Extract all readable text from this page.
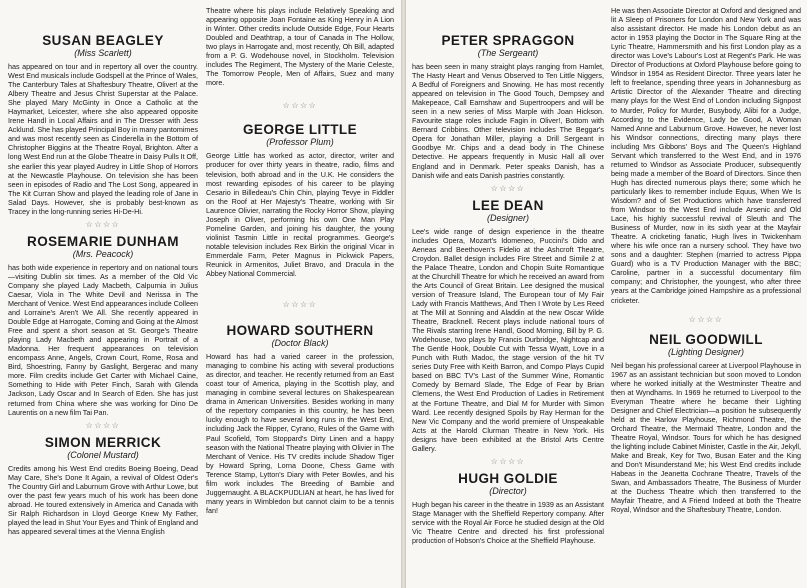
SUSAN BEAGLEY

(Miss Scarlett)

has appeared on tour and in repertory all over the country. West End musicals include Godspell at the Prince of Wales, The Canterbury Tales at Shaftesbury Theatre, Oliver! at the Albery Theatre and Jesus Christ Superstar at the Palace. She played Mary McGinty in Once a Catholic at the Haymarket, Leicester, where she also appeared opposite Irene Handl in Local Affairs and in The Dresser with Jess Acklund. She has played Principal Boy in many pantomimes and was most recently seen as Cinderella in the Bottom of Christopher Biggins at the Theatre Royal, Brighton. After a long West End run at the Globe Theatre in Daisy Pulls It Off, she earlier this year played Audrey in Little Shop of Horrors at the Newcastle Playhouse. On television she has been seen in episodes of Radio and The Lost Song, appeared in The Kit Curran Show and played the leading role of Jane in Salad Days. However, she is probably best-known as Tracey in the long-running series Hi-De-Hi.

☆☆☆☆

ROSEMARIE DUNHAM

(Mrs. Peacock)

has both wide experience in repertory and on national tours—visiting Dublin six times. As a member of the Old Vic Company she played Lady Macbeth, Calpurnia in Julius Caesar, Viola in The White Devil and Nerissa in The Merchant of Venice. West End appearances include Colleen and Lorraine's Aren't We All. She recently appeared in Double Edge at Harrogate, Coming and Going at the Almost Free and spent a short season at St. George's Theatre playing Lady Macbeth and appearing in Portrait of a Madonna. Her frequent appearances on television encompass Anne, Angels, Crown Court, Rome, Rosa and Bird, Shoestring, Fanny by Gaslight, Bergerac and many more. Film credits include Get Carter with Michael Caine, Something to Hide with Peter Finch, Sarah with Glenda Jackson, Lady Oscar and In Search of Eden. She has just returned from China where she was working for Dino De Laurentis on a new film Tai Pan.

☆☆☆☆

SIMON MERRICK

(Colonel Mustard)

Credits among his West End credits Boeing Boeing, Dead May Care, She's Done It Again, a revival of Oldest Oder's The Country Girl and Laburnum Grove with Arthur Lowe, but over the past few years much of his work has been done abroad. He toured extensively in America and Canada with Sir Ralph Richardson in Lloyd George Knew My Father, played the lead in Shut Your Eyes and Think of England and has appeared several times at the Vienna English

Theatre where his plays include Relatively Speaking and appearing opposite Joan Fontaine as King Henry in A Lion in Winter. Other credits include Outside Edge, Four Hearts Doubled and Deathtrap, a tour of Canada in The Hollow, two plays in Harrogate and, most recently, Oh Bill, adapted from a P. G. Wodehouse novel, in Stockholm. Television includes The Regiment, The Mystery of the Marie Celeste, The Tomorrow People, Men of Affairs, Suez and many more.

☆☆☆☆

GEORGE LITTLE

(Professor Plum)

George Little has worked as actor, director, writer and producer for over thirty years in theatre, radio, films and television, both abroad and in the U.K. He considers the most rewarding episodes of his career to be playing Cesario in Billedeau's Chin Chin, playing Tevye in Fiddler on the Roof at Her Majesty's Theatre, working with Sir Laurence Olivier, narrating the Rocky Horror Show, playing Joseph in Oliver, performing his own One Man Play Pomeline Garden, and joining his daughter, the young violinist Tasmin Little in recital programmes. George's notable television includes Rex Birkin the original Vicar in Emmerdale Farm, Peter Magnus in Pickwick Papers, Reunick in Armenitos, Juliet Bravo, and Dracula in the Abbey National Commercial.

☆☆☆☆

HOWARD SOUTHERN

(Doctor Black)

Howard has had a varied career in the profession, managing to combine his acting with several productions as director, and teacher. He recently returned from an East coast tour of America, playing in the Scottish play, and managing in combine several lectures on Shakespearean drama in American Universities. Besides working in many of the repertory companies in this country, he has been lucky enough to have several long runs in the West End, including Jack the Ripper, Cyrano, Rules of the Game with Paul Scofield, Tom Stoppard's Dirty Linen and a happy season with the National Theatre playing with Olivier in The Merchant of Venice. His TV credits include Shadow Tiger by Howard Spring, Lorna Doone, Chess Game with Terence Stamp, Lytton's Diary with Peter Bowles, and his film work includes The Breeding of Bambie and Juggernaught. A BLACKPUDLIAN at heart, he has lived for many years in Wimbledon but cannot claim to be a tennis fan!

PETER SPRAGGON

(The Sergeant)

has been seen in many straight plays ranging from Hamlet, The Hasty Heart and Venus Observed to Ten Little Niggers, A Bedful of Foreigners and Snowing. He has most recently appeared on television in The Good Touch, Dempsey and Makepeace, Call Earnshaw and Supertroopers and will be seen in a new series of Miss Marple with Joan Hickson. Favourite stage roles include Fagin in Oliver!, Bottom with Bernard Cribbins. Other television includes The Beggar's Opera for Jonathan Miller, playing a Drill Sergeant in Goodbye Mr. Chips and a dead body in The Chinese Detective. He appears frequently in Music Hall all over England and in Denmark. Peter speaks Danish, has a Danish wife and eats Danish pastries constantly.

☆☆☆☆

LEE DEAN

(Designer)

Lee's wide range of design experience in the theatre includes Opera, Mozart's Idomeneo, Puccini's Dido and Aeneas and Beethoven's Fidelio at the Ashcroft Theatre, Croydon. Ballet design includes Fire Street and Simile 2 at the Palace Theatre, London and Chopin Suite Romantique at the Churchill Theatre for which he received an award from the Arts Council of Great Britain. Lee designed the musical version of Treasure Island, The European tour of My Fair Lady with Francis Matthews, And Then I Wrote by Les Reed at The Mill at Sonning and Aladdin at the new Oscar Wilde Theatre, Bracknell. Recent plays include national tours of The Rivals starring Irene Handl, Good Morning, Bill by P. G. Wodehouse, two plays by Francis Durbridge, Nightcap and The Gentle Hook, Double Cut with Tessa Wyatt, Love in a Punch with Ruth Madoc, the stage version of the hit TV series Duty Free with Keith Barron, and Compo Plays Cupid based on BBC TV's Last of the Summer Wine, Romantic Comedy by Bernard Slade, The Edge of Fear by Brian Clemens, the West End Production of Ladies in Retirement at the Fortune Theatre, and Dial M for Murder with Simon Ward. Lee recently designed Spoils by Ray Herman for the New Vic Company and the world premiere of Unspeakable Acts at the Harold Clurman Theatre in New York. His designs have been exhibited at the Bristol Arts Centre Gallery.

☆☆☆☆

HUGH GOLDIE

(Director)

Hugh began his career in the theatre in 1939 as an Assistant Stage Manager with the Sheffield Repertory company. After service with the Royal Air Force he studied design at the Old Vic Theatre Centre and directed his first professional production of Hobson's Choice at the Sheffield Playhouse.

He was then Associate Director at Oxford and designed and lit A Sleep of Prisoners for London and New York and was also assistant director. He made his London debut as an actor in 1953 playing the Doctor in The Square Ring at the Lyric Theatre, Hammersmith and his first London play as a director was Love's Labour's Lost at Regent's Park. He was Director of Productions at Oxford Playhouse before going to Windsor in 1954 as Resident Director. Three years later he left to freelance, spending three years in Johannesburg as Artistic Director of the Alexander Theatre and directing many plays for the West End of London including Signpost to Murder, Policy for Murder, Busybody, Alibi for a Judge, According to the Evidence, Lady be Good, A Woman Named Anne and Laburnum Grove. However, he never lost his Windsor connections, directing many plays there including Mrs Gibbons' Boys and The Queen's Highland Servant which transferred to the West End, and in 1976 returned to Windsor as Associate Producer, subsequently being made a member of the Board of Directors. Since then Hugh has directed numerous plays there; some which he particularly likes to remember include Equus, When We Is Wisdom? and of Set Productions which have transferred from Windsor to the West End include Arsenic and Old Lace, his highly successful revival of Sleuth and The Business of Murder, now in its sixth year at the Mayfair Theatre. A cricketing fanatic, Hugh lives in Twickenham where his wife once ran a nursery school. They have two sons and a daughter: Stephen (married to actress Pippa Guard) who is a TV Production Manager with the BBC; Caroline, partner in a successful documentary film company; and Christopher, the youngest, who after three years at the Cambridge joined Hampshire as a professional cricketer.

☆☆☆☆

NEIL GOODWILL

(Lighting Designer)

Neil began his professional career at Liverpool Playhouse in 1967 as an assistant technician but soon moved to London where he worked initially at the Westminster Theatre and then at Wyndhams. In 1969 he returned to Liverpool to the Everyman Theatre where he became their Lighting Designer and Chief Electrician—a position he subsequently held at the Harlow Playhouse, Richmond Theatre, the Orchard Theatre, the Mermaid Theatre, London and the Theatre Royal, Windsor. Tours for which he has designed the lighting include Cabinet Minister, Castle in the Air, Jekyll, Make and Break, Key for Two, Busan Eater and the King and Don't Misunderstand Me; his West End credits include Habeas in the Jeanetta Cochrane Theatre, Travels of the Swan, and Ambassadors Theatre, The Business of Murder at the Duchess Theatre which then transferred to the Mayfair Theatre, and A Friend Indeed at both the Theatre Royal, Windsor and the Shaftesbury Theatre, London.
